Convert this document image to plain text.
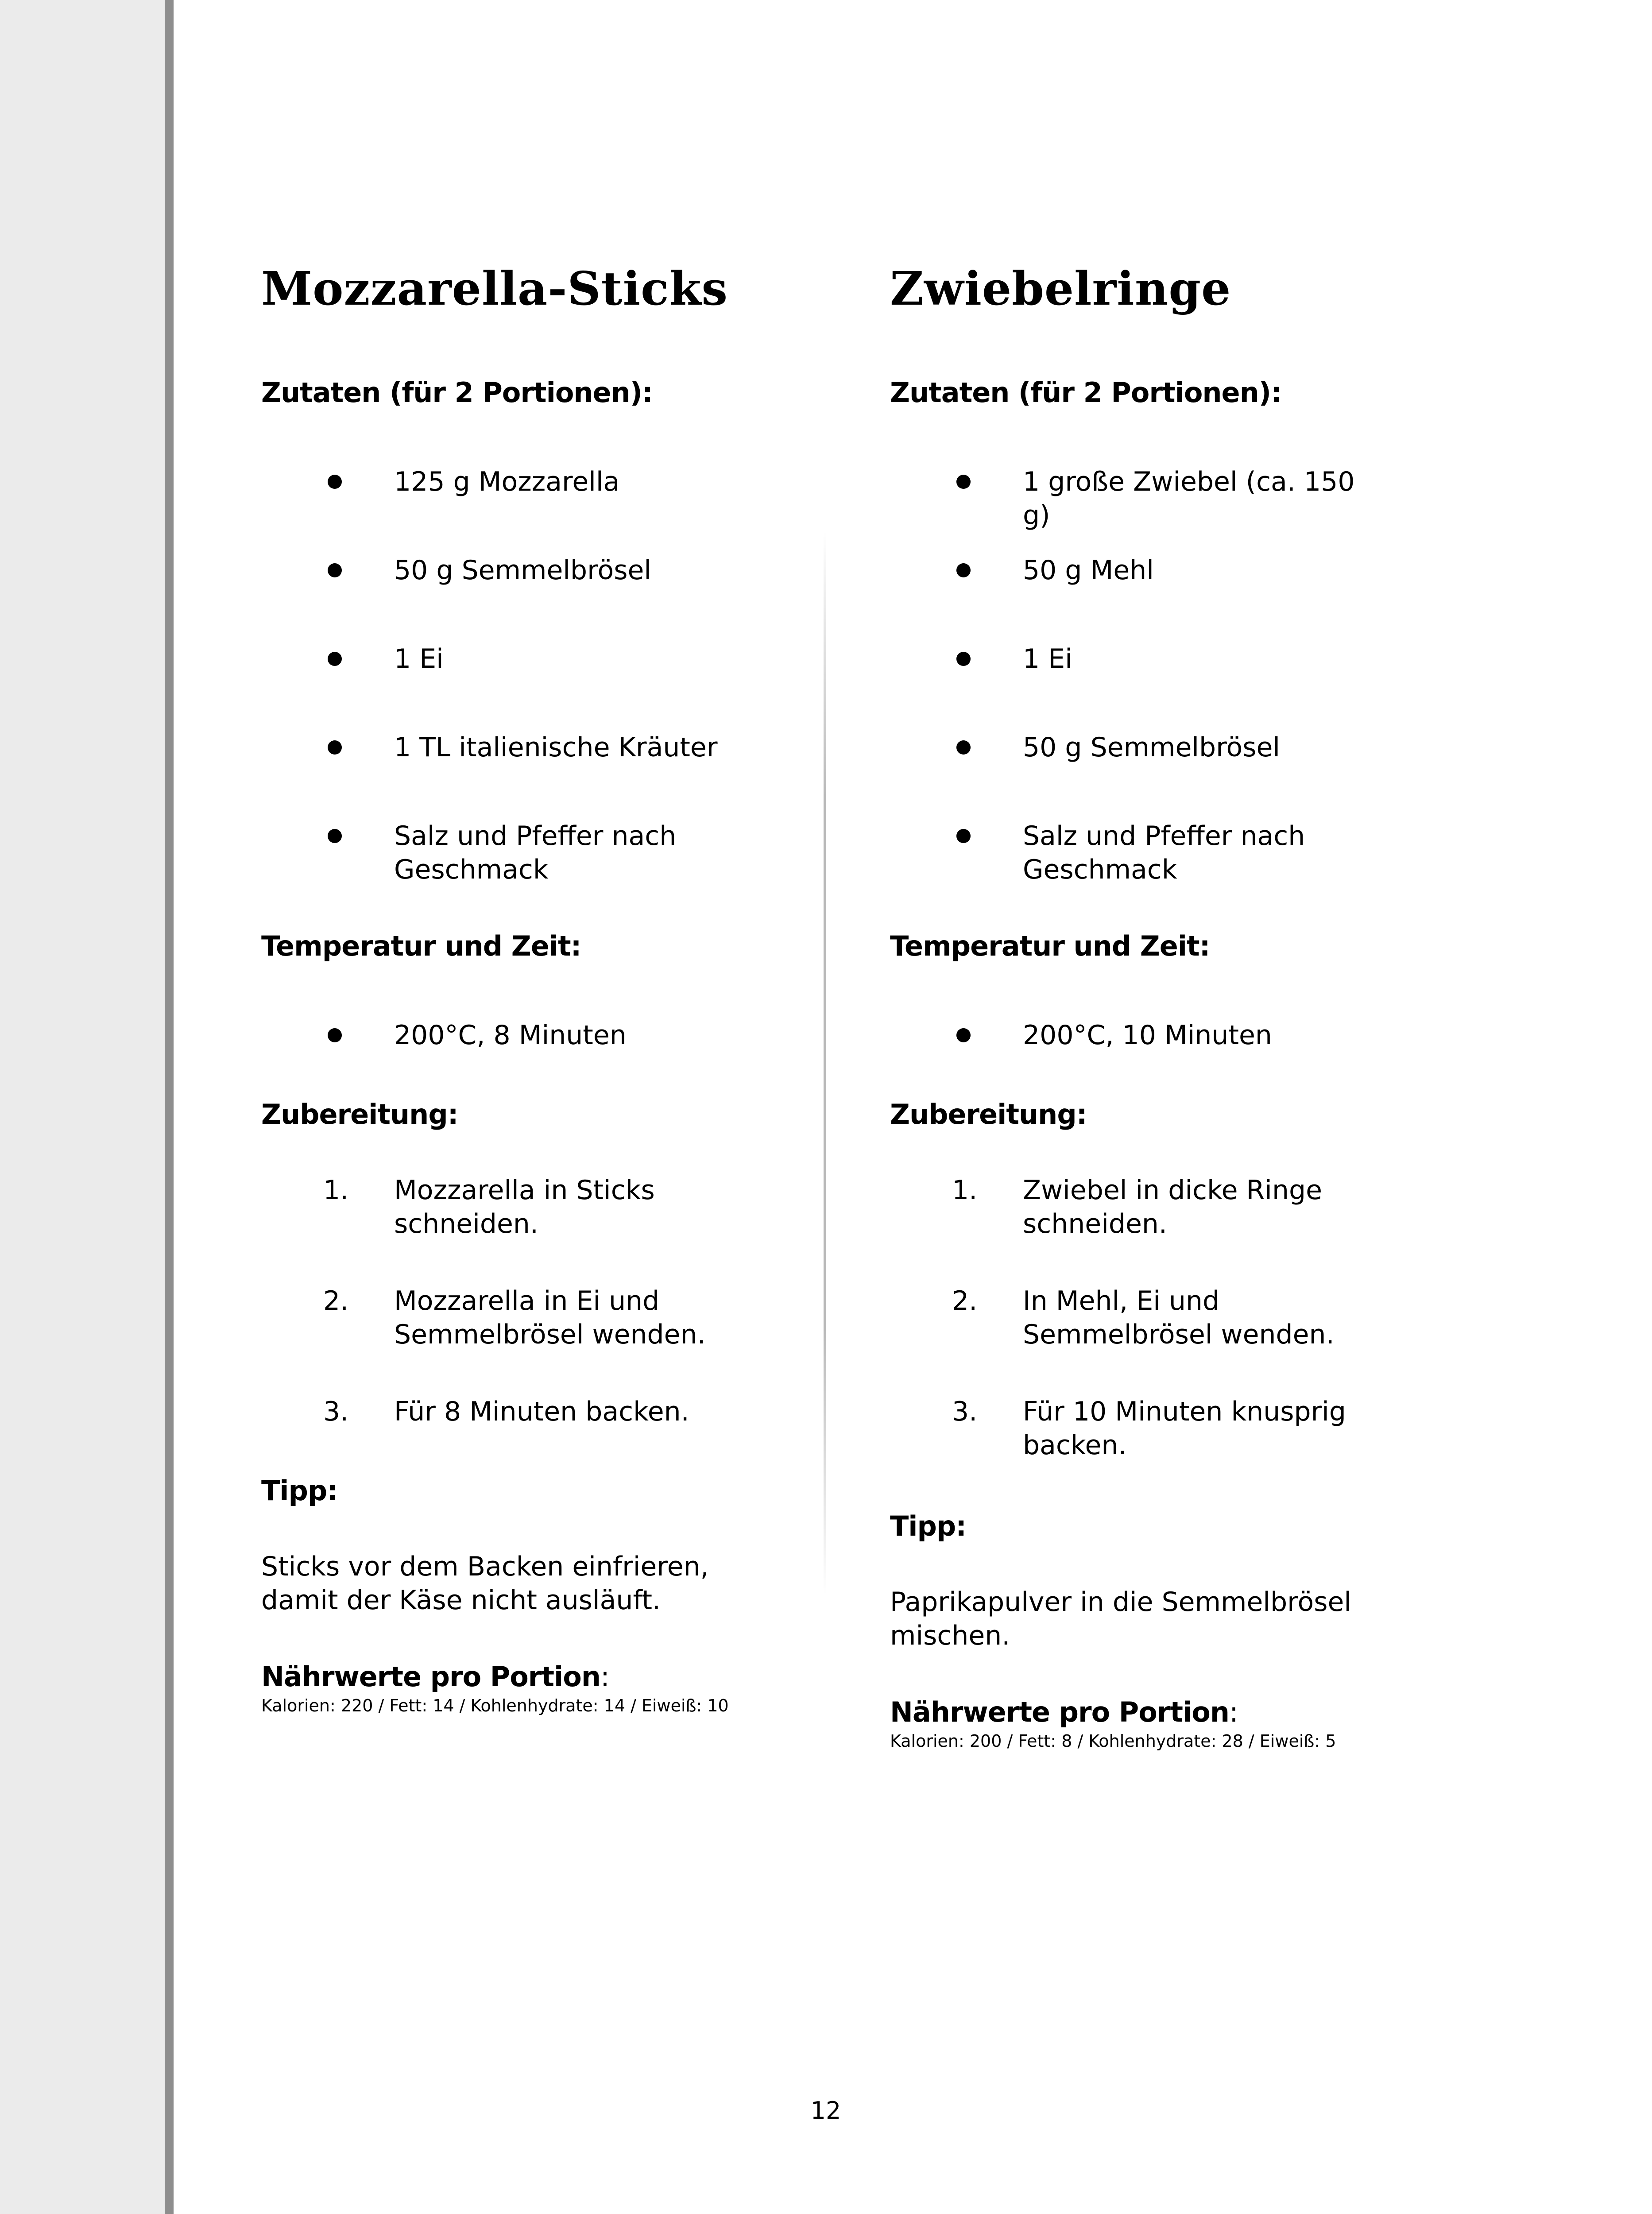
Mozzarella-Sticks
Zutaten (für 2 Portionen):
125 g Mozzarella
50 g Semmelbrösel
1 Ei
1 TL italienische Kräuter
Salz und Pfeffer nach Geschmack
Temperatur und Zeit:
200°C, 8 Minuten
Zubereitung:
1.	Mozzarella in Sticks schneiden.
2.	Mozzarella in Ei und Semmelbrösel wenden.
3.	Für 8 Minuten backen.
Tipp:
Sticks vor dem Backen einfrieren, damit der Käse nicht ausläuft.
Nährwerte pro Portion:
Kalorien: 220 / Fett: 14 / Kohlenhydrate: 14 / Eiweiß: 10
Zwiebelringe
Zutaten (für 2 Portionen):
1 große Zwiebel (ca. 150 g)
50 g Mehl
1 Ei
50 g Semmelbrösel
Salz und Pfeffer nach Geschmack
Temperatur und Zeit:
200°C, 10 Minuten
Zubereitung:
1.	Zwiebel in dicke Ringe schneiden.
2.	In Mehl, Ei und Semmelbrösel wenden.
3.	Für 10 Minuten knusprig backen.
Tipp:
Paprikapulver in die Semmelbrösel mischen.
Nährwerte pro Portion:
Kalorien: 200 / Fett: 8 / Kohlenhydrate: 28 / Eiweiß: 5
12
